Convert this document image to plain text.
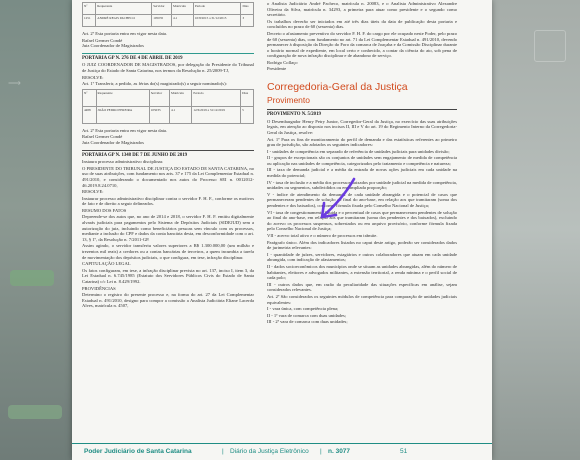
⟶
Nº	Requerente	Servidor	Matrícula	Período	Dias
1251	ANDRÉ REGIS PACHECO	105035	4.1	10/8/2015 a 31/12/2015	3
Art. 2º Esta portaria entra em vigor nesta data.
Rafael Germer Condé
Juiz Coordenador de Magistrados
PORTARIA GP N. 276 DE 4 DE ABRIL DE 2019
O JUIZ COORDENADOR DE MAGISTRADOS, por delegação do Presidente do Tribunal de Justiça do Estado de Santa Catarina, nos termos da Resolução n. 25/2009-TJ,
RESOLVE:
Art. 1º Transferir, a pedido, as férias do(s) magistrado(s) a seguir nominado(s):
Nº	Requerente	Servidor	Matrícula	Período	Dias
4488	JOÃO PEDRO PEREIRA	105035	4.1	12/6/2019 a 31/12/2019	5
Art. 2º Esta portaria entra em vigor nesta data.
Rafael Germer Condé
Juiz Coordenador de Magistrados
PORTARIA GP N. 1348 DE 7 DE JUNHO DE 2019
Instaura processo administrativo disciplinar.
O PRESIDENTE DO TRIBUNAL DE JUSTIÇA DO ESTADO DE SANTA CATARINA, no uso de suas atribuições, com fundamento nos arts. 37 e 175 da Lei Complementar Estadual n. 491/2010, e considerando o documentado nos autos do Processo SEI n. 0012012-46.2019.8.24.0710,
RESOLVE:
Instaurar processo administrativo disciplinar contra o servidor F. H. F., conforme os motivos de fato e de direito a seguir delineados.
RESUMO DOS FATOS
Depreende-se dos autos que, no ano de 2014 e 2018, o servidor F. H. F. emitiu digitalmente alvarás judiciais para pagamentos pelo Sistema de Depósitos Judiciais (SIDEJUD) sem a autorização do juiz, incluindo como beneficiários pessoas sem vínculo com os processos, mediante a inclusão do CPF e dados da conta bancária desta, em desconformidade com o art. 13, § 1º, da Resolução n. 7/2011-GP.
Assim agindo, o servidor transferiu valores superiores a R$ 1.300.000,00 (um milhão e trezentos mil reais) a credores ou a contas bancárias de terceiros, a quem incumbia a tarefa de movimentação dos depósitos judiciais, o que configura, em tese, infração disciplinar.
CAPITULAÇÃO LEGAL
Os fatos configuram, em tese, a infração disciplinar prevista no art. 137, inciso I, item 3, da Lei Estadual n. 6.745/1985 (Estatuto dos Servidores Públicos Civis do Estado de Santa Catarina) c/c Lei n. 8.429/1992.
PROVIDÊNCIAS
Determino o registro do presente processo e, na forma do art. 27 da Lei Complementar Estadual n. 491/2010, designo para compor a comissão a Analista Judiciária Eliane Lacerda Alves, matrícula n. 4507,
o Analista Judiciário André Pacheco, matrícula n. 20083, e o Analista Administrativo Alexandre Oliveira da Silva, matrícula n. 34293, a primeira para atuar como presidente e o segundo como secretário.
Os trabalhos deverão ser iniciados em até três dias úteis da data de publicação desta portaria e concluídos no prazo de 60 (sessenta) dias.
Decreto o afastamento preventivo do servidor F. H. F. do cargo por ele ocupado neste Poder, pelo prazo de 60 (sessenta) dias, com fundamento no art. 71 da Lei Complementar Estadual n. 491/2010, devendo permanecer à disposição da Direção do Foro da comarca de Joaçaba e da Comissão Disciplinar durante o horário normal de expediente, em local certo e conhecido, a contar da ciência do ato, sob pena de configuração de nova infração disciplinar e de abandono de serviço.
Rodrigo Collaço
Presidente
Corregedoria-Geral da Justiça
Provimento
PROVIMENTO N. 5/2019
O Desembargador Henry Petry Junior, Corregedor-Geral da Justiça, no exercício das suas atribuições legais, em atenção ao disposto nos incisos II, III e V do art. 19 do Regimento Interno da Corregedoria-Geral da Justiça, resolve:
Art. 1º Para os fins de monitoramento do perfil de demanda e das estatísticas referentes ao primeiro grau de jurisdição, são adotados os seguintes indicadores:
I - unidades de competência em separado de referência de unidades judiciais para unidades divisão;
II - grupos de excepcionais são os conjuntos de unidades sem engajamento de medida de competência ou aplicação nas unidades de competência, categorizados pelo tratamento e competência e natureza;
III - taxa de demanda judicial e a média da entrada de novas ações judiciais em cada unidade na medida do potencial;
IV - taxa de inclusão e a média dos processos baixados por unidade judicial na medida de competência, unidades ou segmentos, subdivididos ou em ampliada proporção;
V - índice de atendimento da demanda de cada unidade abrangida e o potencial de casos que permaneceram pendentes de solução ao final do ano-base, em relação aos que tramitaram (soma dos pendentes e dos baixados), conforme fórmula fixada pelo Conselho Nacional de Justiça;
VI - taxa de congestionamento líquida e o percentual de casos que permaneceram pendentes de solução ao final do ano-base, em relação aos que tramitaram (soma dos pendentes e dos baixados), excluindo do acervo os processos suspensos, sobrestados ou em arquivo provisório, conforme fórmula fixada pelo Conselho Nacional de Justiça;
VII - acervo total ativo e o número de processos em trâmite.
Parágrafo único. Além dos indicadores listados no caput deste artigo, poderão ser considerados dados de jurimetria relevantes:
I - quantidade de juízes, servidores, estagiários e outros colaboradores que atuam em cada unidade abrangida, com indicação de afastamentos;
II - dados socioeconômicos dos municípios onde se situam as unidades abrangidas, além do número de habitantes, eleitores e advogados militantes, a extensão territorial, a renda mínima e o perfil social de cada polo;
III - outros dados que, em razão da peculiaridade das situações específicas em análise, sejam considerados relevantes.
Art. 2º São considerados os seguintes módulos de competência para comparação de unidades judiciais equivalentes:
I - vara única, com competência plena;
II - 1ª vara de comarca com duas unidades;
III - 2ª vara de comarca com duas unidades;
Poder Judiciário de Santa Catarina	| Diário da Justiça Eletrônico | n. 3077	51
